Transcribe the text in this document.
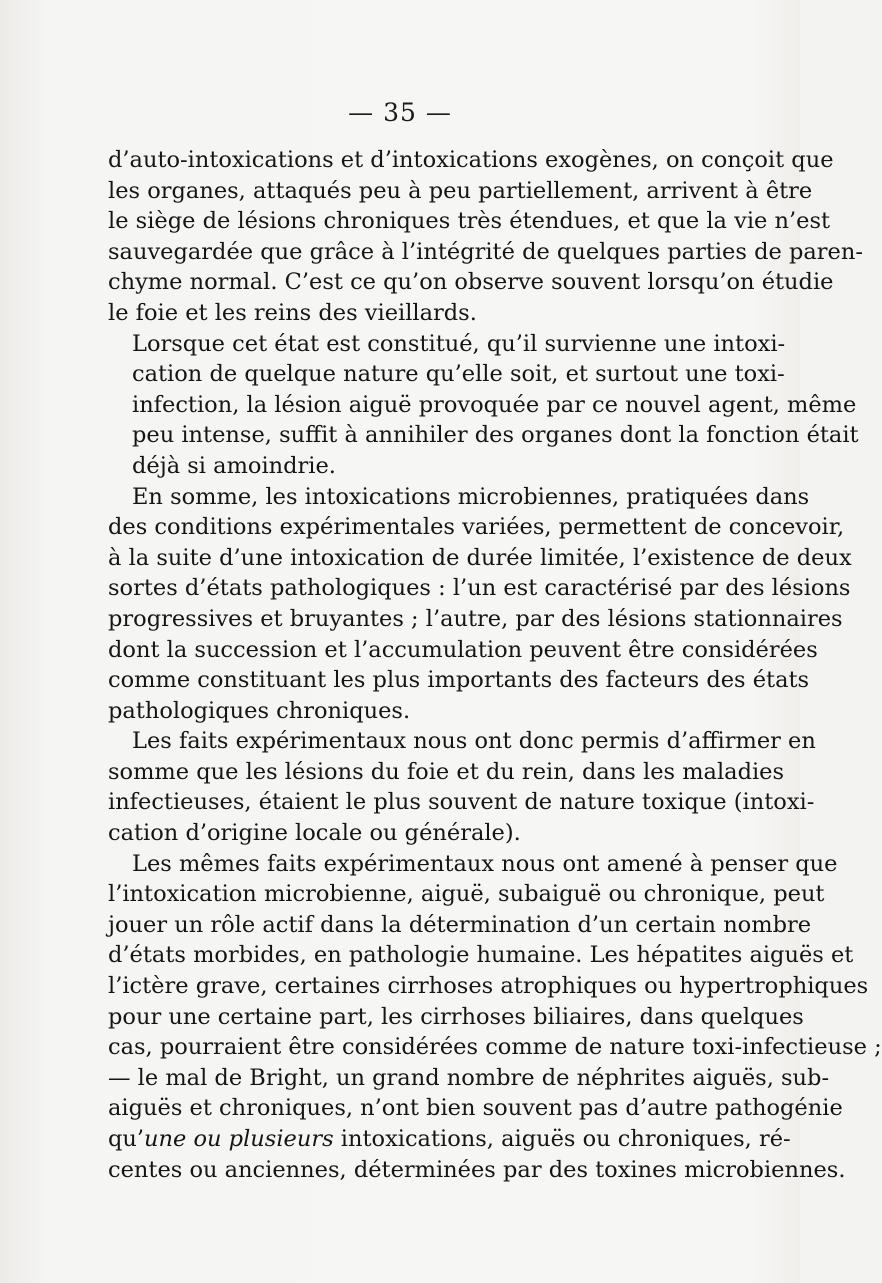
— 35 —

d’auto-intoxications et d’intoxications exogènes, on conçoit que
les organes, attaqués peu à peu partiellement, arrivent à être
le siège de lésions chroniques très étendues, et que la vie n’est
sauvegardée que grâce à l’intégrité de quelques parties de paren-
chyme normal. C’est ce qu’on observe souvent lorsqu’on étudie
le foie et les reins des vieillards.

Lorsque cet état est constitué, qu’il survienne une intoxi-
cation de quelque nature qu’elle soit, et surtout une toxi-
infection, la lésion aiguë provoquée par ce nouvel agent, même
peu intense, suffit à annihiler des organes dont la fonction était
déjà si amoindrie.

En somme, les intoxications microbiennes, pratiquées dans
des conditions expérimentales variées, permettent de concevoir,
à la suite d’une intoxication de durée limitée, l’existence de deux
sortes d’états pathologiques : l’un est caractérisé par des lésions
progressives et bruyantes ; l’autre, par des lésions stationnaires
dont la succession et l’accumulation peuvent être considérées
comme constituant les plus importants des facteurs des états
pathologiques chroniques.

Les faits expérimentaux nous ont donc permis d’affirmer en
somme que les lésions du foie et du rein, dans les maladies
infectieuses, étaient le plus souvent de nature toxique (intoxi-
cation d’origine locale ou générale).

Les mêmes faits expérimentaux nous ont amené à penser que
l’intoxication microbienne, aiguë, subaiguë ou chronique, peut
jouer un rôle actif dans la détermination d’un certain nombre
d’états morbides, en pathologie humaine. Les hépatites aiguës et
l’ictère grave, certaines cirrhoses atrophiques ou hypertrophiques
pour une certaine part, les cirrhoses biliaires, dans quelques
cas, pourraient être considérées comme de nature toxi-infectieuse ;
— le mal de Bright, un grand nombre de néphrites aiguës, sub-
aiguës et chroniques, n’ont bien souvent pas d’autre pathogénie
qu’une ou plusieurs intoxications, aiguës ou chroniques, ré-
centes ou anciennes, déterminées par des toxines microbiennes.
